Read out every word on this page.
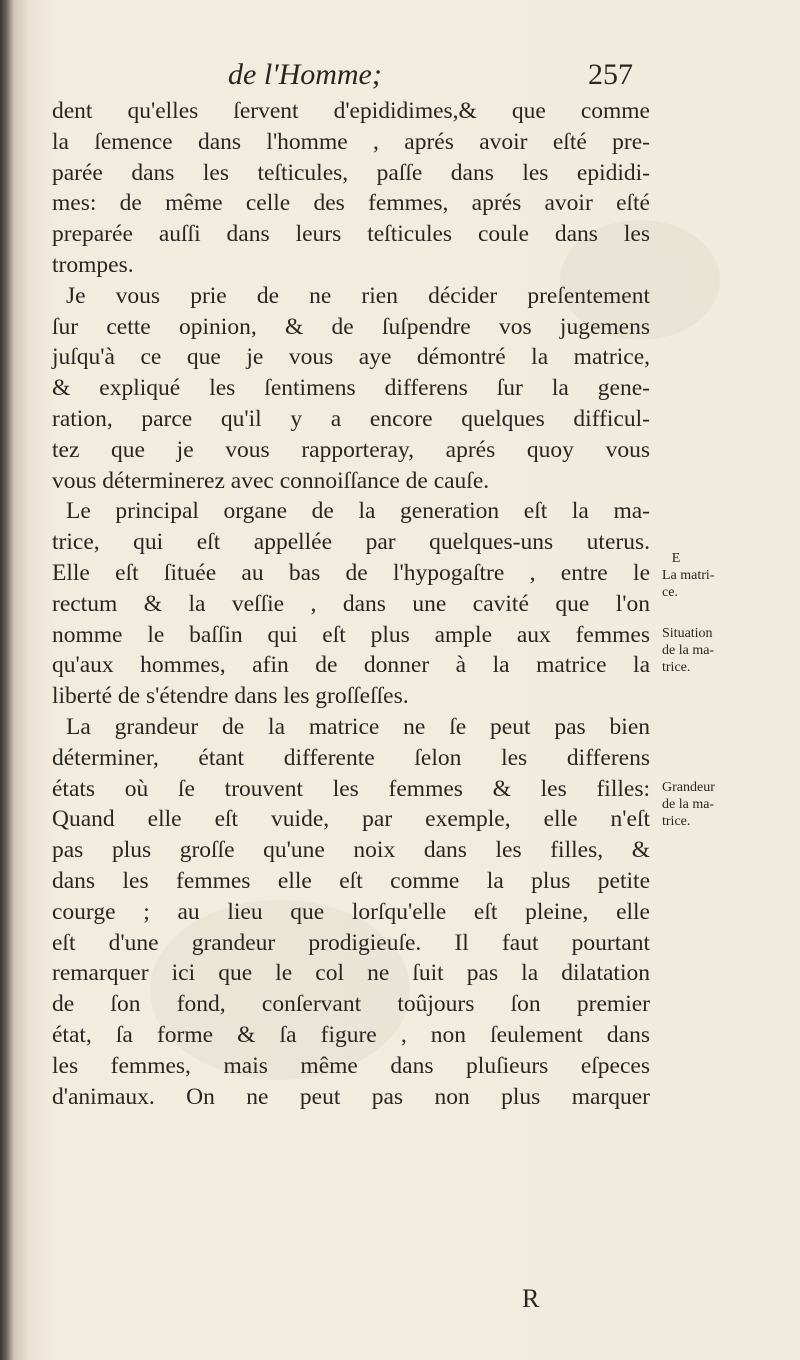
de l'Homme;	257
dent qu'elles ſervent d'epididimes,& que comme
la ſemence dans l'homme , aprés avoir eſté pre-
parée dans les teſticules, paſſe dans les epididi-
mes: de même celle des femmes, aprés avoir eſté
preparée auſſi dans leurs teſticules coule dans les
trompes.
Je vous prie de ne rien décider preſentement
ſur cette opinion, & de ſuſpendre vos jugemens
juſqu'à ce que je vous aye démontré la matrice,
& expliqué les ſentimens differens ſur la gene-
ration, parce qu'il y a encore quelques difficul-
tez que je vous rapporteray, aprés quoy vous
vous déterminerez avec connoiſſance de cauſe.
Le principal organe de la generation eſt la ma-
trice, qui eſt appellée par quelques-uns uterus.
Elle eſt ſituée au bas de l'hypogaſtre , entre le
rectum & la veſſie , dans une cavité que l'on
nomme le baſſin qui eſt plus ample aux femmes
qu'aux hommes, afin de donner à la matrice la
liberté de s'étendre dans les groſſeſſes.
La grandeur de la matrice ne ſe peut pas bien
déterminer, étant differente ſelon les differens
états où ſe trouvent les femmes & les filles:
Quand elle eſt vuide, par exemple, elle n'eſt
pas plus groſſe qu'une noix dans les filles, &
dans les femmes elle eſt comme la plus petite
courge ; au lieu que lorſqu'elle eſt pleine, elle
eſt d'une grandeur prodigieuſe. Il faut pourtant
remarquer ici que le col ne ſuit pas la dilatation
de ſon fond, conſervant toûjours ſon premier
état, ſa forme & ſa figure , non ſeulement dans
les femmes, mais même dans pluſieurs eſpeces
d'animaux. On ne peut pas non plus marquer
E
La matri-
ce.
Situation
de la ma-
trice.
Grandeur
de la ma-
trice.
R
